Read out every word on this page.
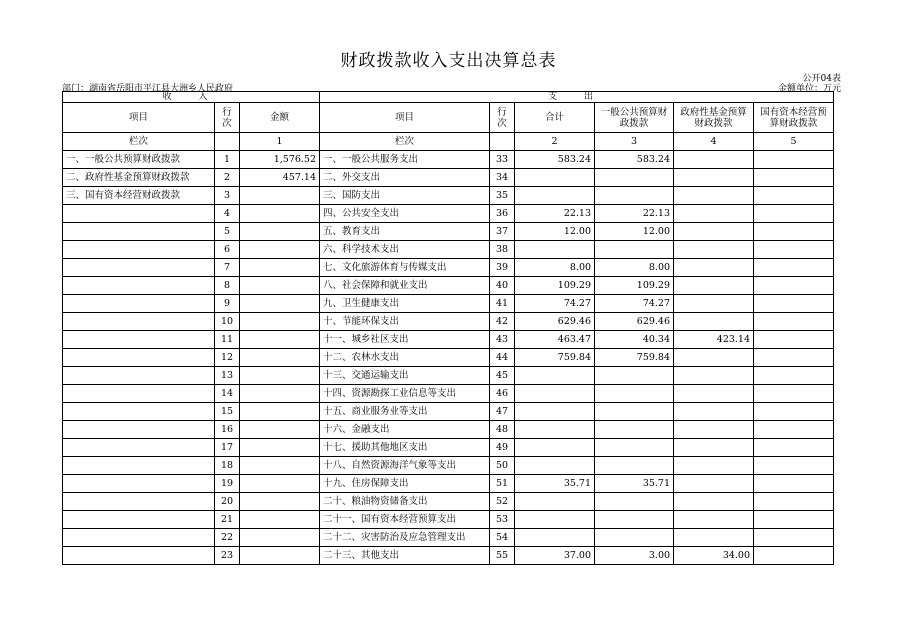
财政拨款收入支出决算总表
公开04表
部门：湖南省岳阳市平江县大洲乡人民政府	金额单位：万元
收 入			支 出					
项目	行次	金额	项目	行次	合计	一般公共预算财政拨款	政府性基金预算财政拨款	国有资本经营预算财政拨款
栏次		1	栏次		2	3	4	5
一、一般公共预算财政拨款	1	1,576.52	一、一般公共服务支出	33	583.24	583.24		
二、政府性基金预算财政拨款	2	457.14	二、外交支出	34				
三、国有资本经营财政拨款	3		三、国防支出	35				
	4		四、公共安全支出	36	22.13	22.13		
	5		五、教育支出	37	12.00	12.00		
	6		六、科学技术支出	38				
	7		七、文化旅游体育与传媒支出	39	8.00	8.00		
	8		八、社会保障和就业支出	40	109.29	109.29		
	9		九、卫生健康支出	41	74.27	74.27		
	10		十、节能环保支出	42	629.46	629.46		
	11		十一、城乡社区支出	43	463.47	40.34	423.14	
	12		十二、农林水支出	44	759.84	759.84		
	13		十三、交通运输支出	45				
	14		十四、资源勘探工业信息等支出	46				
	15		十五、商业服务业等支出	47				
	16		十六、金融支出	48				
	17		十七、援助其他地区支出	49				
	18		十八、自然资源海洋气象等支出	50				
	19		十九、住房保障支出	51	35.71	35.71		
	20		二十、粮油物资储备支出	52				
	21		二十一、国有资本经营预算支出	53				
	22		二十二、灾害防治及应急管理支出	54				
	23		二十三、其他支出	55	37.00	3.00	34.00	
